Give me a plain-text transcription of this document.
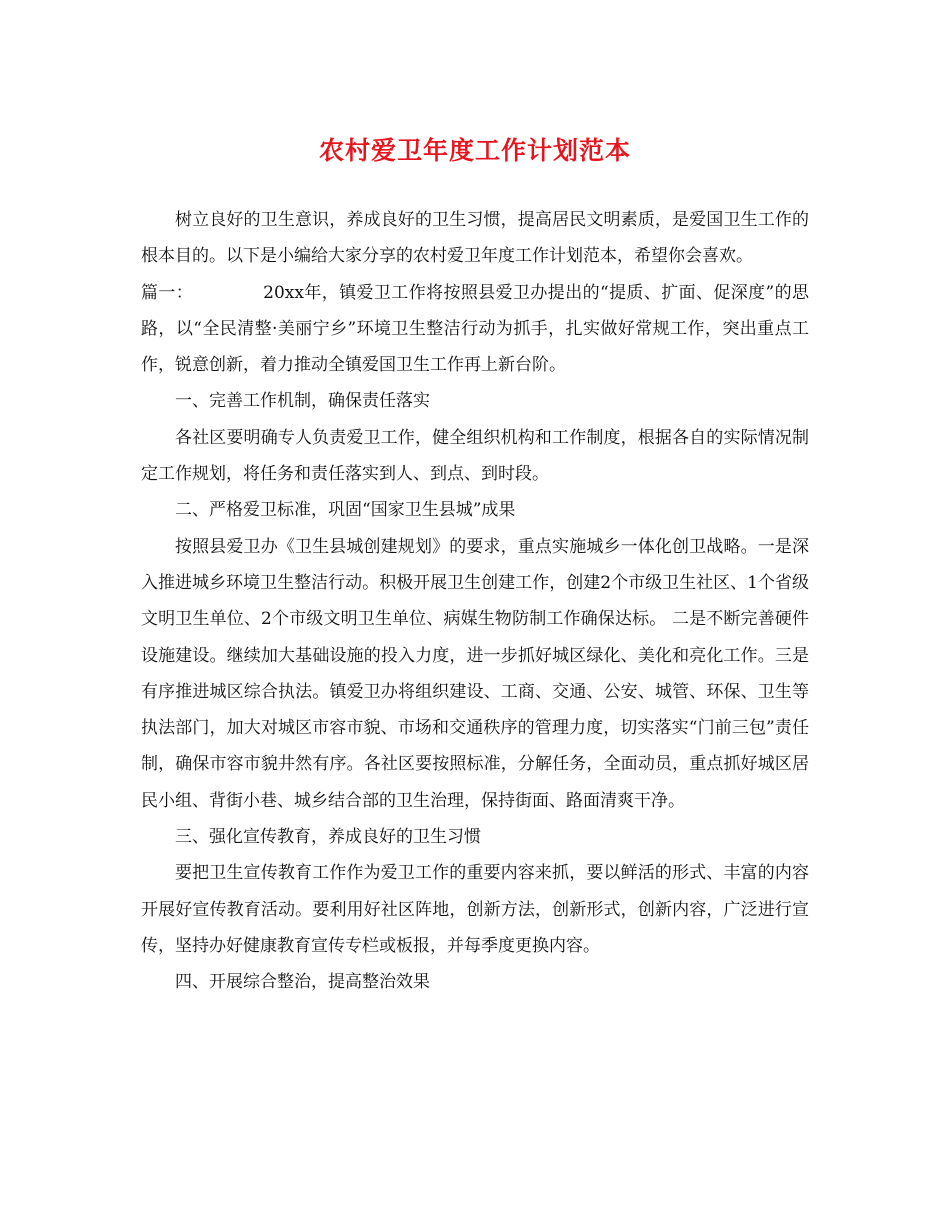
农村爱卫年度工作计划范本

树立良好的卫生意识，养成良好的卫生习惯，提高居民文明素质，是爱国卫生工作的根本目的。以下是小编给大家分享的农村爱卫年度工作计划范本，希望你会喜欢。

篇一：	20xx年，镇爱卫工作将按照县爱卫办提出的“提质、扩面、促深度”的思路，以“全民清整·美丽宁乡”环境卫生整洁行动为抓手，扎实做好常规工作，突出重点工作，锐意创新，着力推动全镇爱国卫生工作再上新台阶。

一、完善工作机制，确保责任落实

各社区要明确专人负责爱卫工作，健全组织机构和工作制度，根据各自的实际情况制定工作规划，将任务和责任落实到人、到点、到时段。

二、严格爱卫标准，巩固“国家卫生县城”成果

按照县爱卫办《卫生县城创建规划》的要求，重点实施城乡一体化创卫战略。一是深入推进城乡环境卫生整洁行动。积极开展卫生创建工作，创建2个市级卫生社区、1个省级文明卫生单位、2个市级文明卫生单位、病媒生物防制工作确保达标。 二是不断完善硬件设施建设。继续加大基础设施的投入力度，进一步抓好城区绿化、美化和亮化工作。三是有序推进城区综合执法。镇爱卫办将组织建设、工商、交通、公安、城管、环保、卫生等执法部门，加大对城区市容市貌、市场和交通秩序的管理力度，切实落实“门前三包”责任制，确保市容市貌井然有序。各社区要按照标准，分解任务，全面动员，重点抓好城区居民小组、背街小巷、城乡结合部的卫生治理，保持街面、路面清爽干净。

三、强化宣传教育，养成良好的卫生习惯

要把卫生宣传教育工作作为爱卫工作的重要内容来抓，要以鲜活的形式、丰富的内容开展好宣传教育活动。要利用好社区阵地，创新方法，创新形式，创新内容，广泛进行宣传，坚持办好健康教育宣传专栏或板报，并每季度更换内容。

四、开展综合整治，提高整治效果
